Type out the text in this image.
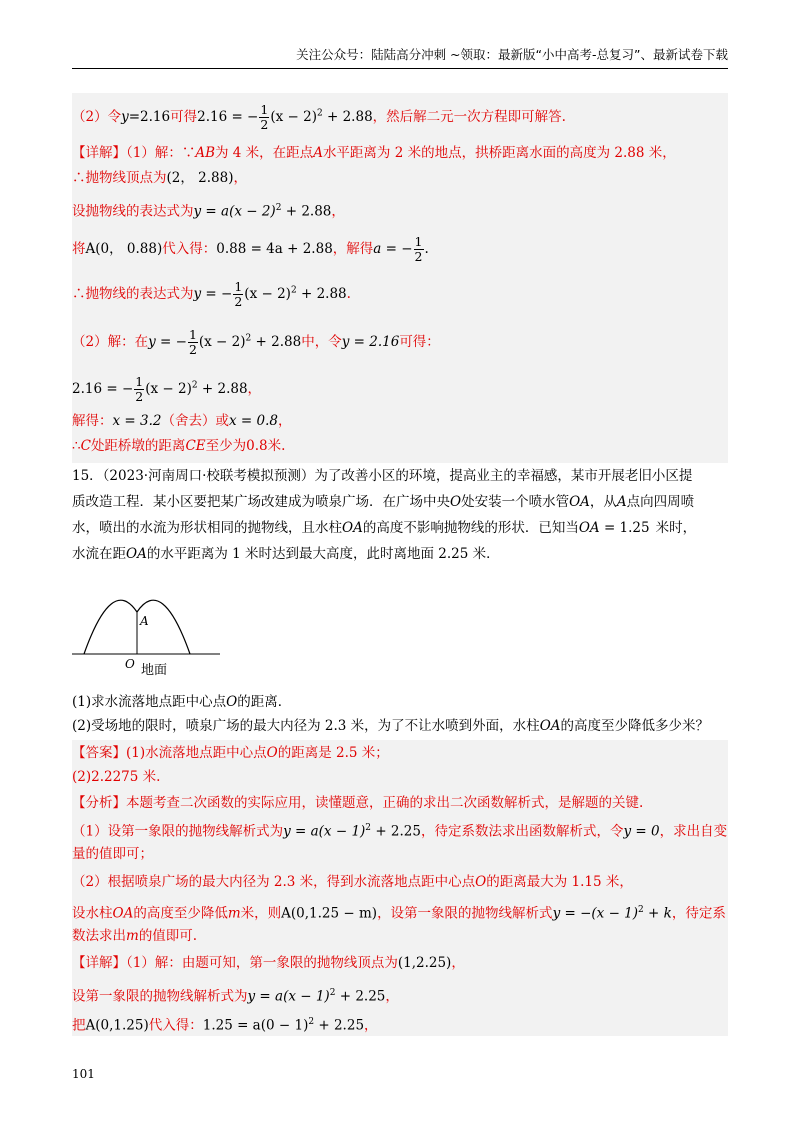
关注公众号：陆陆高分冲刺 ~领取：最新版“小中高考-总复习”、最新试卷下载
（2）令y=2.16可得2.16 = − $\frac{1}{2} (x - 2)^2 + 2.88$，然后解二元一次方程即可解答.
【详解】（1）解：∵AB为 4 米，在距点A水平距离为 2 米的地点，拱桥距离水面的高度为 2.88 米，
∴抛物线顶点为(2， 2.88)，
设抛物线的表达式为$y = a(x - 2)^2 + 2.88$，
将A(0， 0.88)代入得：0.88 = 4a + 2.88，解得a = − $\frac{1}{2}$ .
∴抛物线的表达式为y = − $\frac{1}{2} (x - 2)^2 + 2.88$.
（2）解：在y = − $\frac{1}{2} (x - 2)^2 + 2.88$中，令y = 2.16可得：
2.16 = − $\frac{1}{2} (x - 2)^2 + 2.88$，
解得：x = 3.2（舍去）或x = 0.8，
∴C处距桥墩的距离CE至少为0.8米.
15．（2023·河南周口·校联考模拟预测）为了改善小区的环境，提高业主的幸福感，某市开展老旧小区提
质改造工程．某小区要把某广场改建成为喷泉广场．在广场中央O处安装一个喷水管OA，从A点向四周喷
水，喷出的水流为形状相同的抛物线，且水柱OA的高度不影响抛物线的形状．已知当OA = 1.25 米时，
水流在距OA的水平距离为 1 米时达到最大高度，此时离地面 2.25 米．
A
O 地面
(1)求水流落地点距中心点O的距离．
(2)受场地的限时，喷泉广场的最大内径为 2.3 米，为了不让水喷到外面，水柱OA的高度至少降低多少米？
【答案】(1)水流落地点距中心点O的距离是 2.5 米；
(2)2.2275 米.
【分析】本题考查二次函数的实际应用，读懂题意，正确的求出二次函数解析式，是解题的关键.
（1）设第一象限的抛物线解析式为$y = a(x - 1)^2 + 2.25$，待定系数法求出函数解析式，令y = 0，求出自变
量的值即可；
（2）根据喷泉广场的最大内径为 2.3 米，得到水流落地点距中心点O的距离最大为 1.15 米，
设水柱OA的高度至少降低m米，则A(0,1.25 − m)，设第一象限的抛物线解析式$y = -(x - 1)^2 + k$，待定系
数法求出m的值即可.
【详解】（1）解：由题可知，第一象限的抛物线顶点为(1,2.25)，
设第一象限的抛物线解析式为$y = a(x - 1)^2 + 2.25$，
把A(0,1.25)代入得：$1.25 = a(0 - 1)^2 + 2.25$，
101
